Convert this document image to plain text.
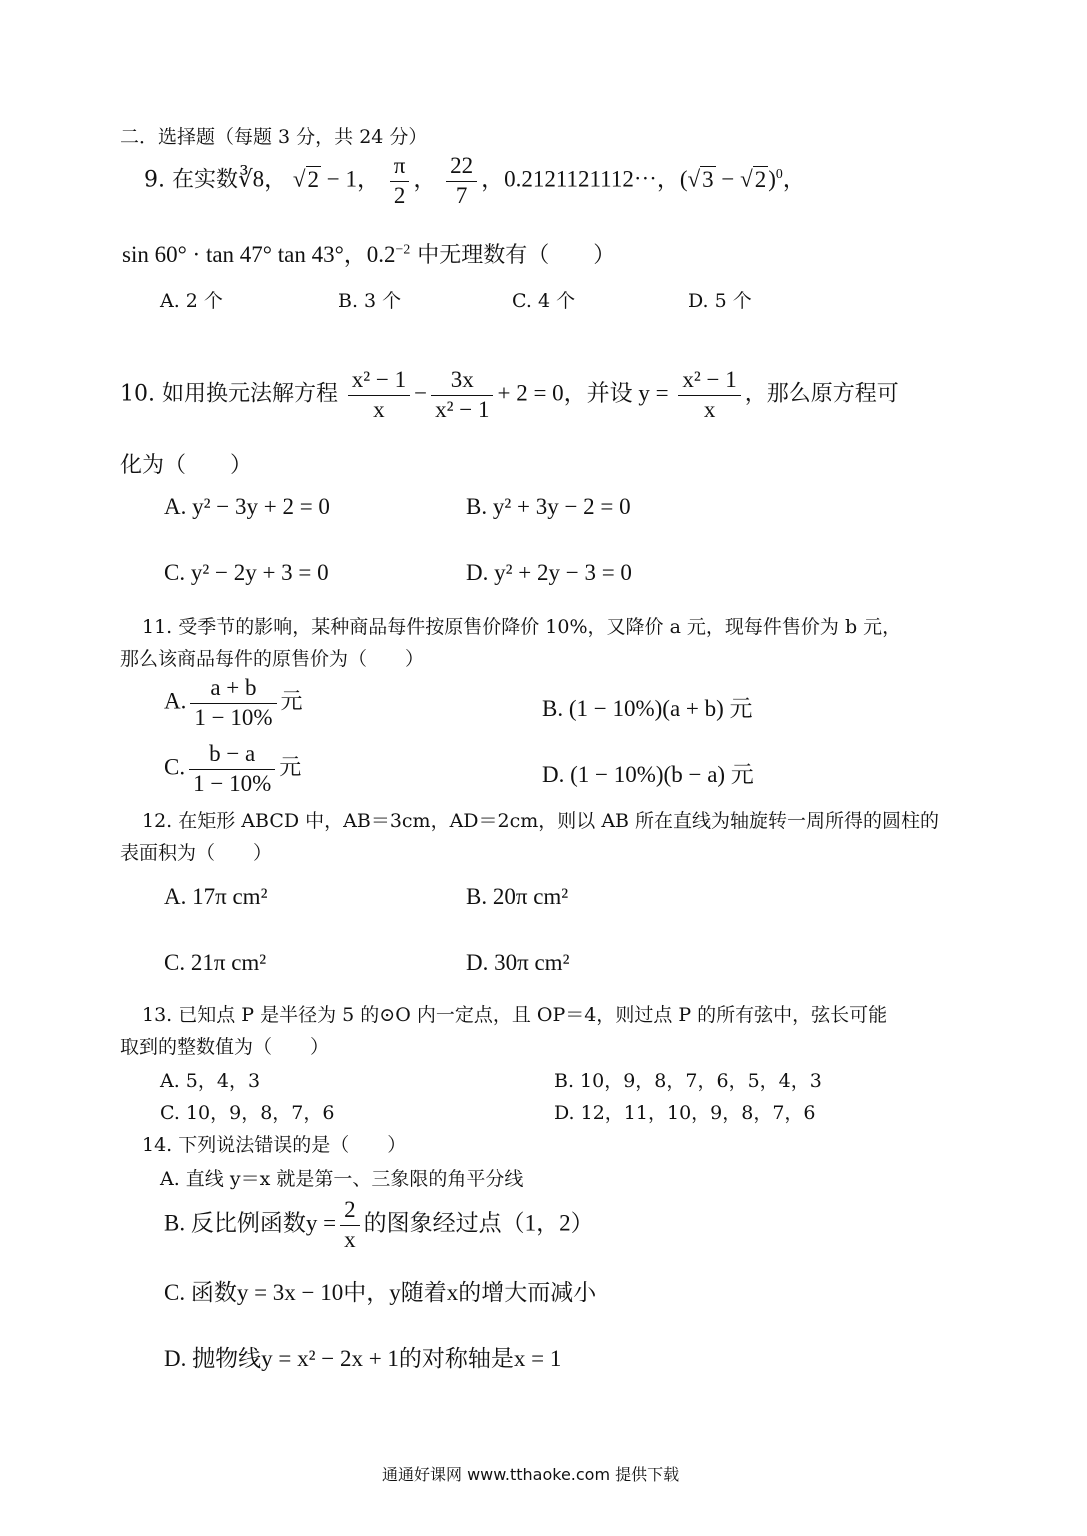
二．选择题（每题 3 分，共 24 分）
9. 在实数∛8， √2 − 1， $\frac{\pi}{2}$ ， $\frac{22}{7}$ ，0.2121121112⋯，$(√3 - √2)^0$，
sin 60° · tan 47° tan 43°，$0.2^{-2}$ 中无理数有（　　）
A. 2 个	B. 3 个	C. 4 个	D. 5 个
10. 如用换元法解方程 $\frac{\text{x² − 1}}{x} - \frac{3x}{\text{x² − 1}} + 2 = 0$，并设 $y = \frac{\text{x² − 1}}{x}$ ，那么原方程可
化为（　　）
A. y² − 3y + 2 = 0	B. y² + 3y − 2 = 0
C. y² − 2y + 3 = 0	D. y² + 2y − 3 = 0
11. 受季节的影响，某种商品每件按原售价降价 10%，又降价 a 元，现每件售价为 b 元，
那么该商品每件的原售价为（　　）
A. $\frac{a + b}{1 - 10\%}$ 元	B. (1 − 10%)(a + b) 元
C. $\frac{b - a}{1 - 10\%}$ 元	D. (1 − 10%)(b − a) 元
12. 在矩形 ABCD 中，AB＝3cm，AD＝2cm，则以 AB 所在直线为轴旋转一周所得的圆柱的
表面积为（　　）
A. 17π cm²	B. 20π cm²
C. 21π cm²	D. 30π cm²
13. 已知点 P 是半径为 5 的⊙O 内一定点，且 OP＝4，则过点 P 的所有弦中，弦长可能
取到的整数值为（　　）
A. 5，4，3	B. 10，9，8，7，6，5，4，3
C. 10，9，8，7，6	D. 12，11，10，9，8，7，6
14. 下列说法错误的是（　　）
A. 直线 y＝x 就是第一、三象限的角平分线
B. 反比例函数$y = \frac{2}{x}$ 的图象经过点（1，2）
C. 函数y = 3x − 10中，y随着x的增大而减小
D. 抛物线y = x² − 2x + 1的对称轴是x = 1
通通好课网 www.tthaoke.com 提供下载
